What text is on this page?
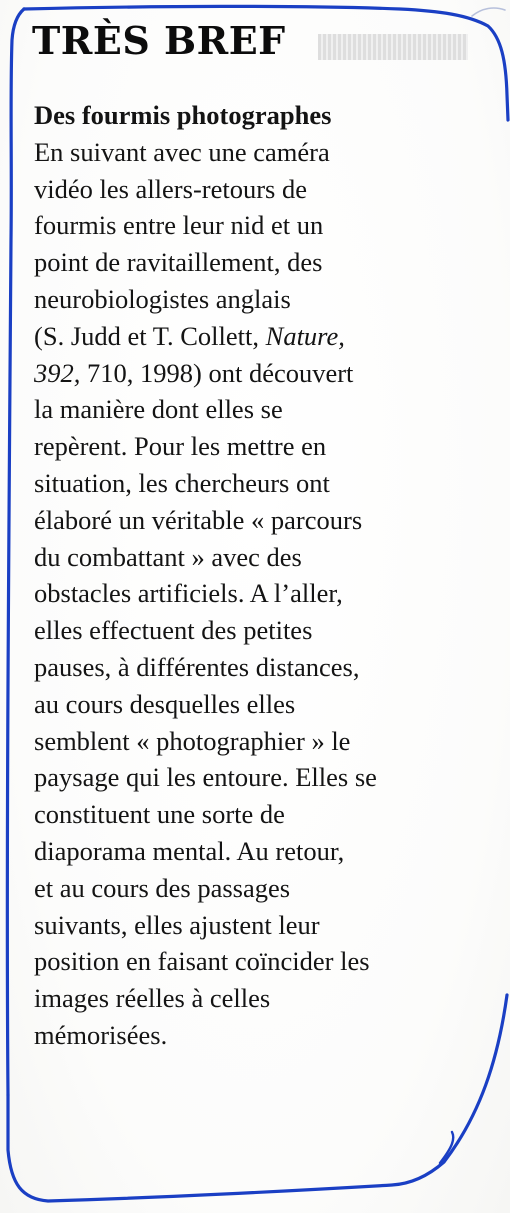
TRÈS BREF
Des fourmis photographes

En suivant avec une caméra
vidéo les allers-retours de
fourmis entre leur nid et un
point de ravitaillement, des
neurobiologistes anglais
(S. Judd et T. Collett, Nature,
392, 710, 1998) ont découvert
la manière dont elles se
repèrent. Pour les mettre en
situation, les chercheurs ont
élaboré un véritable « parcours
du combattant » avec des
obstacles artificiels. A l’aller,
elles effectuent des petites
pauses, à différentes distances,
au cours desquelles elles
semblent « photographier » le
paysage qui les entoure. Elles se
constituent une sorte de
diaporama mental. Au retour,
et au cours des passages
suivants, elles ajustent leur
position en faisant coïncider les
images réelles à celles
mémorisées.
